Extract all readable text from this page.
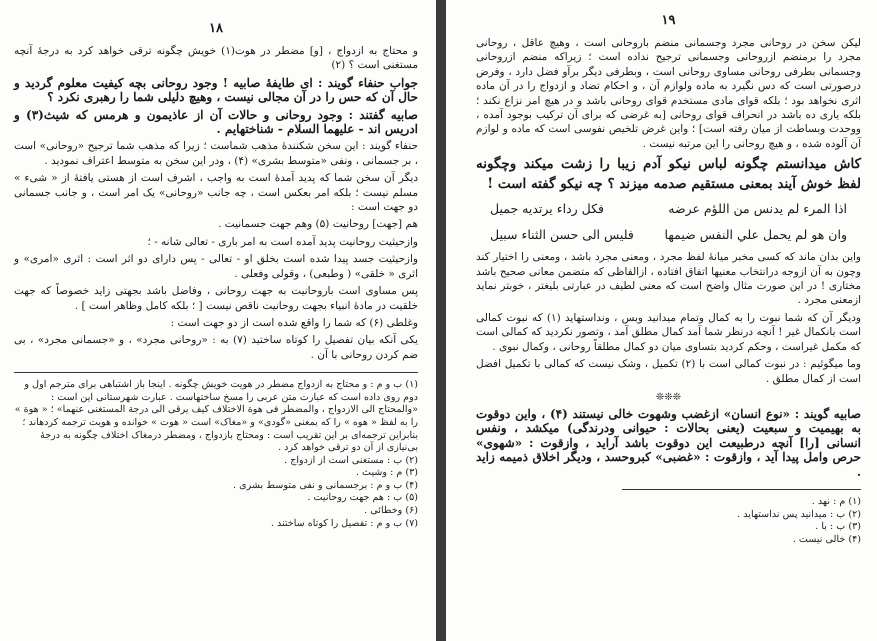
۱۸

و محتاج به ازدواج ، [و] مضطر در هوت(۱) خویش چگونه ترقی خواهد کرد به درجهٔ آنچه مستغنی است ؟ (۲)

جواب حنفاء گویند : ای طایفهٔ صابیه ! وجود روحانی بچه کیفیت معلوم گردید و حال آن که حس را در آن مجالی نیست ، وهیچ دلیلی شما را رهبری نکرد ؟

صابیه گفتند : وجود روحانی و حالات آن از عاذیمون و هرمس که شیث(۳) و ادریس اند - علیهما السلام - شناختهایم .

حنفاء گویند : این سخن شکنندهٔ مذهب شماست ؛ زیرا که مذهب شما ترجیح «روحانی» است ، بر جسمانی ، ونفی «متوسط بشری» (۴) ، ودر این سخن به متوسط اعتراف نمودید .

دیگر آن سخن شما که پدید آمدهٔ است به واجب ، اشرف است از هستی یافتهٔ از « شیء » مسلم نیست ؛ بلکه امر بعکس است ، چه جانب «روحانی» یک امر است ، و جانب جسمانی دو جهت است :

هم [جهت] روحانیت (۵) وهم جهت جسمانیت .

وازحیثیت روحانیت پدید آمده است به امر باری - تعالی شانه - ؛

وازحیثیت جسد پیدا شده است بخلق او - تعالی - پس دارای دو اثر است : اثری «امری» و اثری « خلقی» ( وطبعی) ، وقولی وفعلی .

پس مساوی است باروحانیت به جهت روحانی ، وفاضل باشد بجهتی زاید خصوصاً که جهت خلقیت در مادهٔ انبیاء بجهت روحانیت ناقص نیست [ ؛ بلکه کامل وظاهر است ] .

وغلطی (۶) که شما را واقع شده است از دو جهت است :

یکی آنکه بیان تفصیل را کوتاه ساختید (۷) به : «روحانی مجرد» ، و «جسمانی مجرد» ، بی ضم کردن روحانی با آن .

(۱) ب و م : و محتاج به ازدواج مضطر در هویت خویش چگونه . اینجا باز اشتباهی برای مترجم اول و دوم روی داده است که عبارت متن عربی را مسخ ساختهاست . عبارت شهرستانی این است : «والمحتاج الی الازدواج ، والمضطر فی هوة الاختلاف کیف یرقی الی درجة المستغنی عنهما» ؛ « هوة » را به لفظ « هوه » را که بمعنی «گودی» و «مغاک» است « هوت » خوانده و هویت ترجمه کردهاند ؛ بنابراین ترجمه‌ای بر این تقریب است : ومحتاج بازدواج ، ومضطر درمغاک اختلاف چگونه به درجهٔ بی‌نیازی از آن دو ترقی خواهد کرد .

(۲) ب : مستغنی است از ازدواج .

(۳) م : وشیث .

(۴) ب و م : برجسمانی و نفی متوسط بشری .

(۵) ب : هم جهت روحانیت .

(۶) وخطائی .

(۷) ب و م : تفصیل را کوتاه ساختند .

۱۹

لیکن سخن در روحانی مجرد وجسمانی منضم باروحانی است ، وهیچ عاقل ، روحانی مجرد را برمنضم ازروحانی وجسمانی ترجیح نداده است ؛ زیراکه منضم ازروحانی وجسمانی بطرفی روحانی مساوی روحانی است ، وبطرفی دیگر برآو فضل دارد ، وفرض درصورتی است که دس نگیرد به ماده ولوازم آن ، و احکام تضاد و ازدواج را در آن ماده اثری نخواهد بود ؛ بلکه قوای مادی مستخدم قوای روحانی باشد و در هیچ امر نزاع نکند ؛ بلکه یاری ده باشد در انحراف قوای روحانی [به غرضی که برای آن ترکیب بوجود آمده ، ووحدت وبساطت از میان رفته است] ؛ واین غرض تلخیص نفوسی است که ماده و لوازم آن آلوده شده ، و هیچ روحانی را این مرتبه نیست .

کاش میدانستم چگونه لباس نیکو آدم زیبا را زشت میکند وچگونه لفظ خوش آیند بمعنی مستقیم صدمه میزند ؟ چه نیکو گفته است !

اذا المرء لم يدنس من اللؤم عرضه
فكل رداء يرتديه جميل
وان هو لم يحمل علي النفس ضيمها
فليس الى حسن الثناء سبيل

واین بدان ماند که کسی مخبر میانهٔ لفظ مجرد ، ومعنی مجرد باشد ، ومعنی را اختیار کند وچون به آن ازوجه درانتخاب معنیها اتفاق افتاده ، ازالفاظی که متضمن معانی صحیح باشد مختاری ! در این صورت مثال واضح است که معنی لطیف در عبارتی بلیغتر ، خوبتر نماید ازمعنی مجرد .

ودیگر آن که شما نبوت را به کمال وتمام میدانید وبس ، ونداستهاید (۱) که نبوت کمالی است بانکمال غیر ! آنچه درنظر شما آمد کمال مطلق آمد ، وتصور نکردید که کمالی است که مکمل غیراست ، وحکم کردید بتساوی میان دو کمال مطلقاً روحانی ، وکمال نبوی .

وما میگوئیم : در نبوت کمالی است با (۲) تکمیل ، وشک نیست که کمالی با تکمیل افضل است از کمال مطلق .

❊❊❊

صابیه گویند : «نوع انسان» ازغضب وشهوت خالی نیستند (۴) ، واین دوقوت به بهیمیت و سبعیت (یعنی بحالات : حیوانی ودرندگی) میکشد ، ونفس انسانی [را] آنچه درطبیعت این دوقوت باشد آراید ، وازقوت : «شهوی» حرص وامل پیدا آید ، وازقوت : «غضبی» کبروحسد ، ودیگر اخلاق ذمیمه زاید .

(۱) م : نهد .

(۲) ب : میدانید پس نداستهاید .

(۳) ب : با .

(۴) خالی نیست .
